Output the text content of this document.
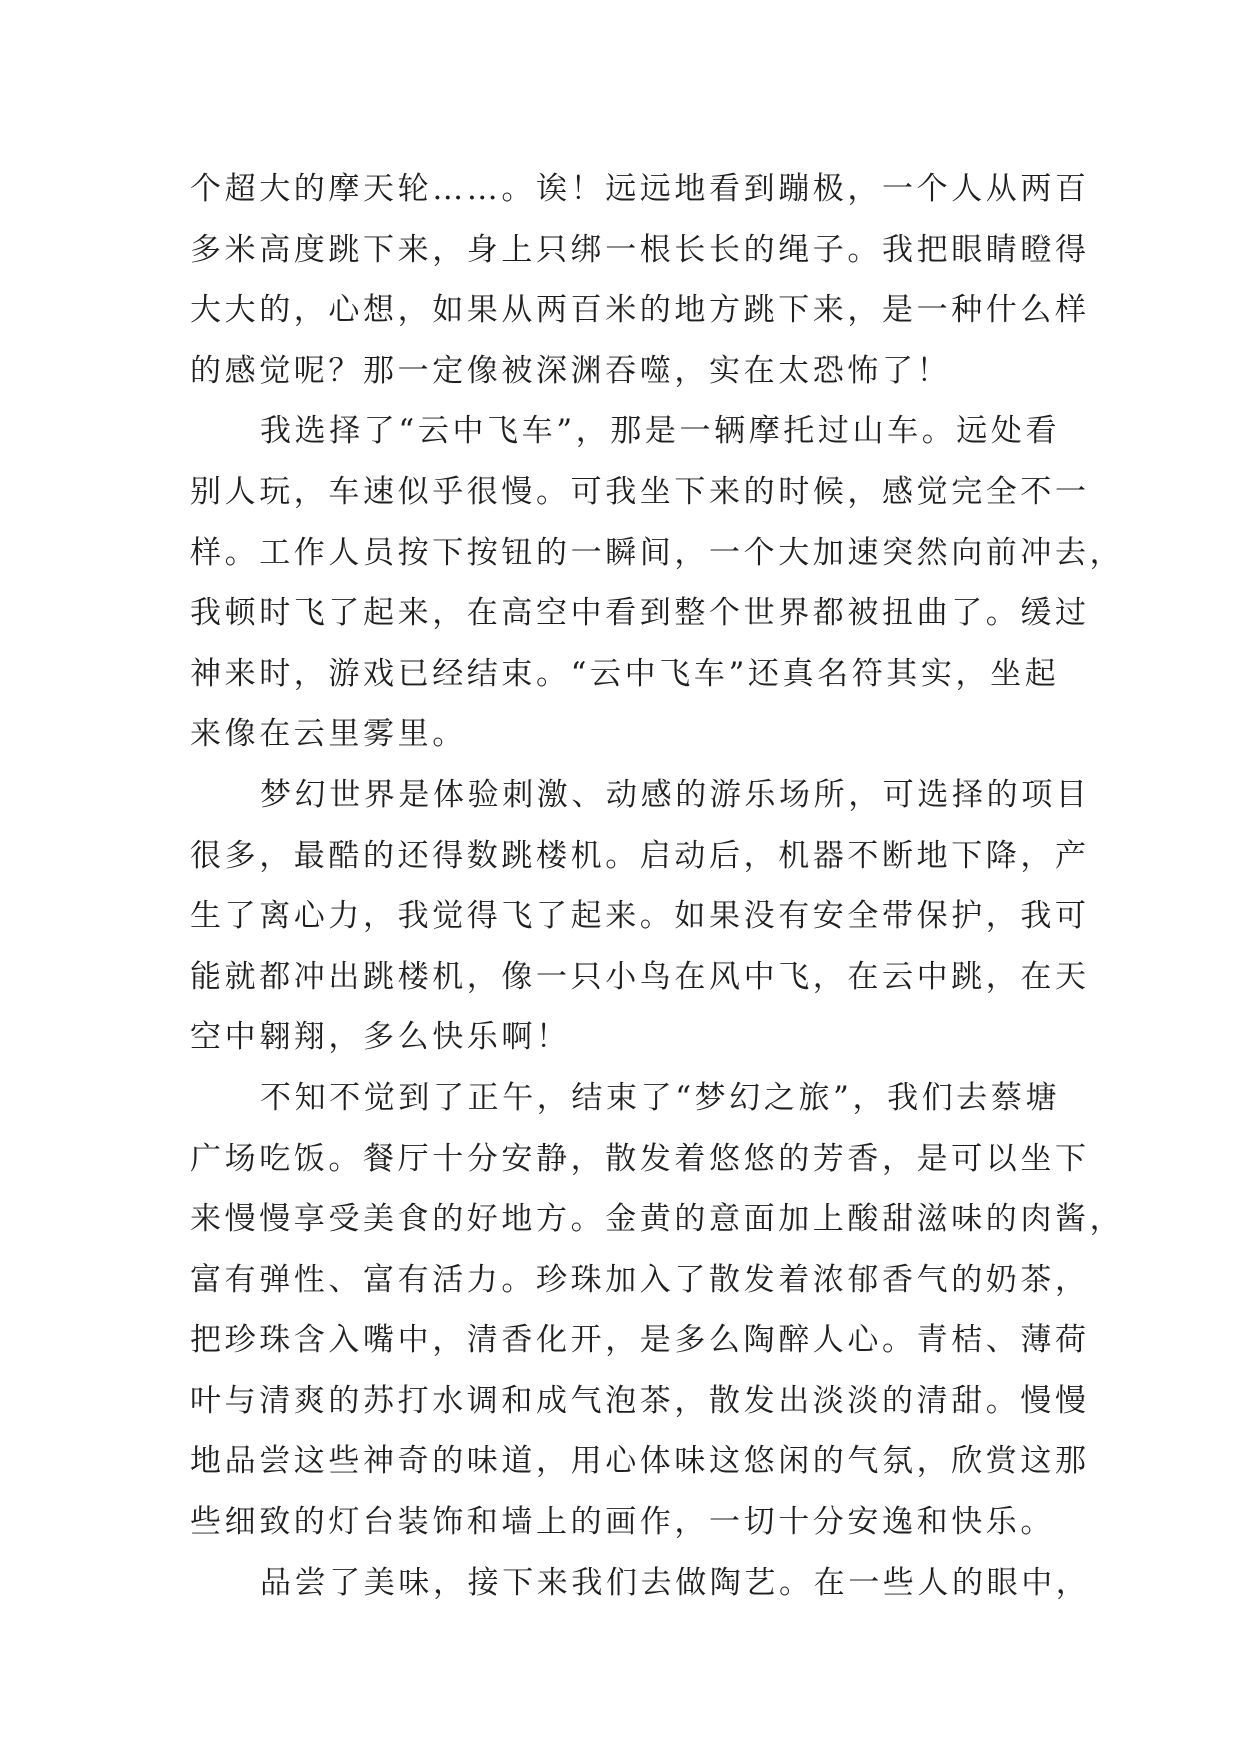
个超大的摩天轮……。诶！远远地看到蹦极，一个人从两百
多米高度跳下来，身上只绑一根长长的绳子。我把眼睛瞪得
大大的，心想，如果从两百米的地方跳下来，是一种什么样
的感觉呢？那一定像被深渊吞噬，实在太恐怖了！
我选择了“云中飞车”，那是一辆摩托过山车。远处看
别人玩，车速似乎很慢。可我坐下来的时候，感觉完全不一
样。工作人员按下按钮的一瞬间，一个大加速突然向前冲去，
我顿时飞了起来，在高空中看到整个世界都被扭曲了。缓过
神来时，游戏已经结束。“云中飞车”还真名符其实，坐起
来像在云里雾里。
梦幻世界是体验刺激、动感的游乐场所，可选择的项目
很多，最酷的还得数跳楼机。启动后，机器不断地下降，产
生了离心力，我觉得飞了起来。如果没有安全带保护，我可
能就都冲出跳楼机，像一只小鸟在风中飞，在云中跳，在天
空中翱翔，多么快乐啊！
不知不觉到了正午，结束了“梦幻之旅”，我们去蔡塘
广场吃饭。餐厅十分安静，散发着悠悠的芳香，是可以坐下
来慢慢享受美食的好地方。金黄的意面加上酸甜滋味的肉酱，
富有弹性、富有活力。珍珠加入了散发着浓郁香气的奶茶，
把珍珠含入嘴中，清香化开，是多么陶醉人心。青桔、薄荷
叶与清爽的苏打水调和成气泡茶，散发出淡淡的清甜。慢慢
地品尝这些神奇的味道，用心体味这悠闲的气氛，欣赏这那
些细致的灯台装饰和墙上的画作，一切十分安逸和快乐。
品尝了美味，接下来我们去做陶艺。在一些人的眼中，
